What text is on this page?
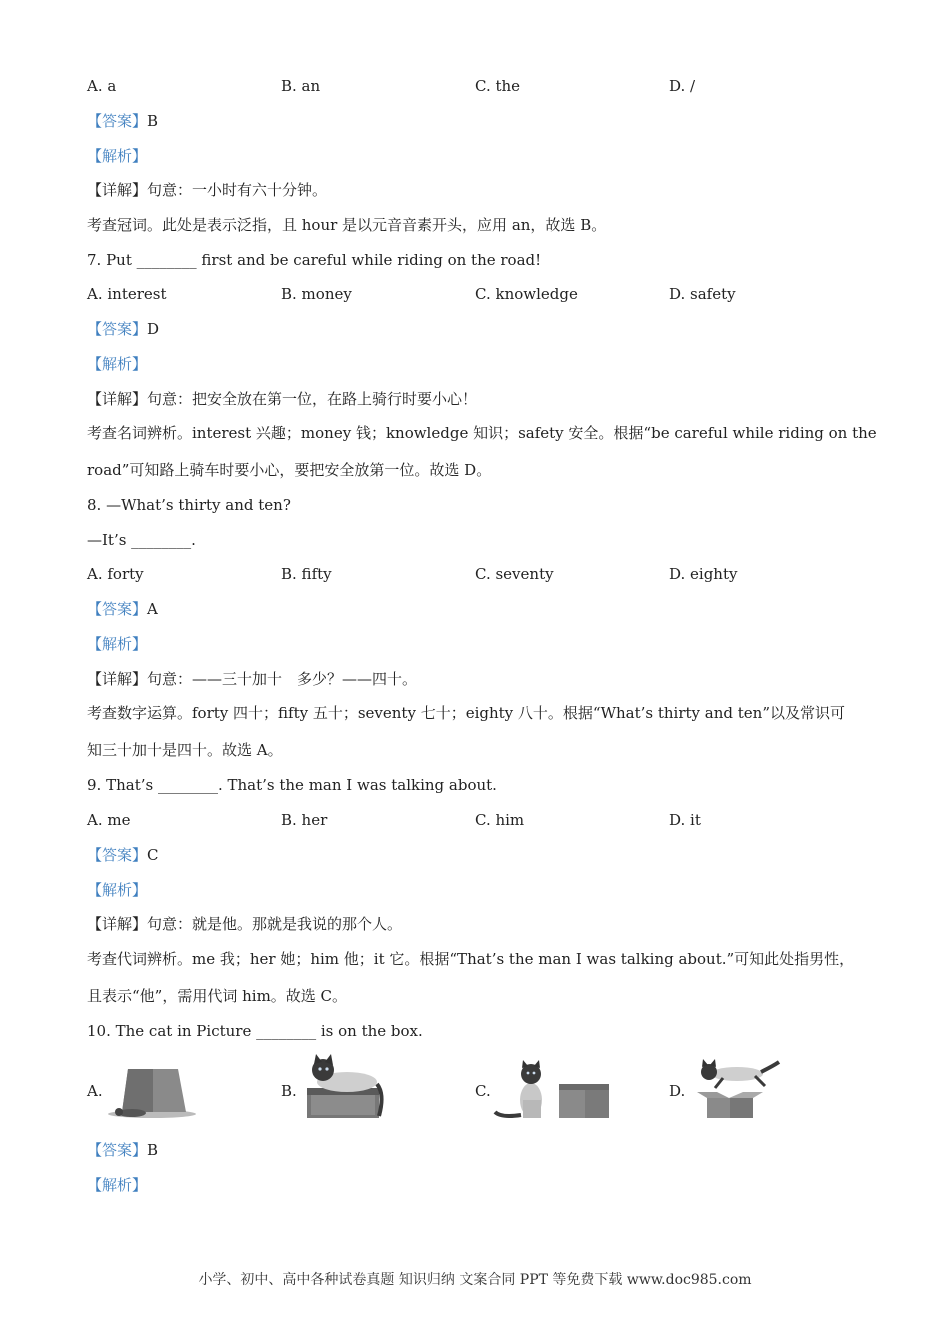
A. a	B. an	C. the	D. /
【答案】B
【解析】
【详解】句意：一小时有六十分钟。
考查冠词。此处是表示泛指，且 hour 是以元音音素开头，应用 an，故选 B。
7. Put ________ first and be careful while riding on the road!
A. interest	B. money	C. knowledge	D. safety
【答案】D
【解析】
【详解】句意：把安全放在第一位，在路上骑行时要小心！
考查名词辨析。interest 兴趣；money 钱；knowledge 知识；safety 安全。根据“be careful while riding on the
road”可知路上骑车时要小心，要把安全放第一位。故选 D。
8. —What’s thirty and ten?
—It’s ________.
A. forty	B. fifty	C. seventy	D. eighty
【答案】A
【解析】
【详解】句意：——三十加十　多少？——四十。
考查数字运算。forty 四十；fifty 五十；seventy 七十；eighty 八十。根据“What’s thirty and ten”以及常识可
知三十加十是四十。故选 A。
9. That’s ________. That’s the man I was talking about.
A. me	B. her	C. him	D. it
【答案】C
【解析】
【详解】句意：就是他。那就是我说的那个人。
考查代词辨析。me 我；her 她；him 他；it 它。根据“That’s the man I was talking about.”可知此处指男性，
且表示“他”，需用代词 him。故选 C。
10. The cat in Picture ________ is on the box.
A.	B.	C.	D.
【答案】B
【解析】
小学、初中、高中各种试卷真题 知识归纳 文案合同 PPT 等免费下载 www.doc985.com
